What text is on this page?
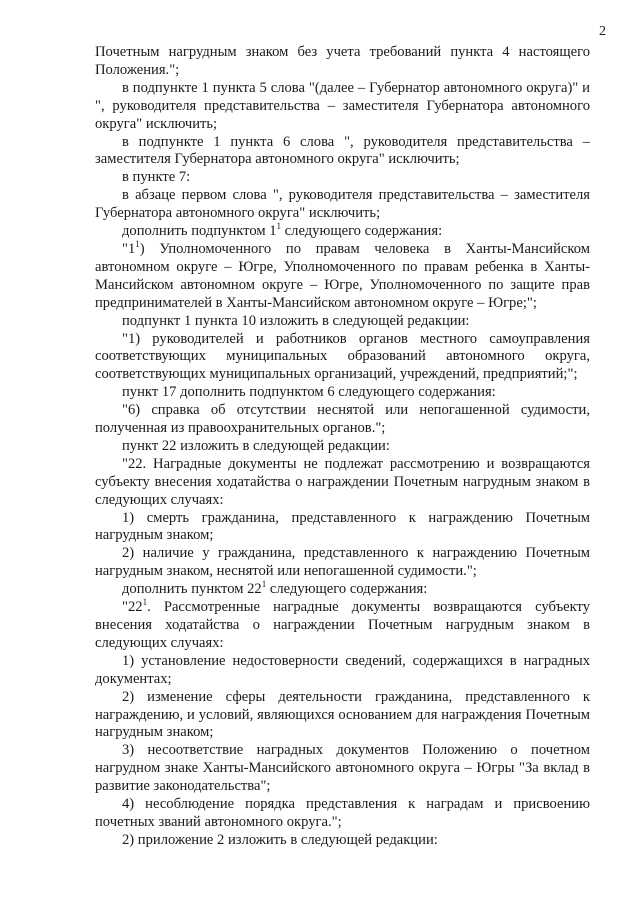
2

Почетным нагрудным знаком без учета требований пункта 4 настоящего Положения.";

в подпункте 1 пункта 5 слова "(далее – Губернатор автономного округа)" и ", руководителя представительства – заместителя Губернатора автономного округа" исключить;

в подпункте 1 пункта 6 слова ", руководителя представительства – заместителя Губернатора автономного округа" исключить;

в пункте 7:

в абзаце первом слова ", руководителя представительства – заместителя Губернатора автономного округа" исключить;

дополнить подпунктом $1^1$ следующего содержания:

"$1^1$) Уполномоченного по правам человека в Ханты-Мансийском автономном округе – Югре, Уполномоченного по правам ребенка в Ханты-Мансийском автономном округе – Югре, Уполномоченного по защите прав предпринимателей в Ханты-Мансийском автономном округе – Югре;";

подпункт 1 пункта 10 изложить в следующей редакции:

"1) руководителей и работников органов местного самоуправления соответствующих муниципальных образований автономного округа, соответствующих муниципальных организаций, учреждений, предприятий;";

пункт 17 дополнить подпунктом 6 следующего содержания:

"6) справка об отсутствии неснятой или непогашенной судимости, полученная из правоохранительных органов.";

пункт 22 изложить в следующей редакции:

"22. Наградные документы не подлежат рассмотрению и возвращаются субъекту внесения ходатайства о награждении Почетным нагрудным знаком в следующих случаях:

1) смерть гражданина, представленного к награждению Почетным нагрудным знаком;

2) наличие у гражданина, представленного к награждению Почетным нагрудным знаком, неснятой или непогашенной судимости.";

дополнить пунктом $22^1$ следующего содержания:

"$22^1$. Рассмотренные наградные документы возвращаются субъекту внесения ходатайства о награждении Почетным нагрудным знаком в следующих случаях:

1) установление недостоверности сведений, содержащихся в наградных документах;

2) изменение сферы деятельности гражданина, представленного к награждению, и условий, являющихся основанием для награждения Почетным нагрудным знаком;

3) несоответствие наградных документов Положению о почетном нагрудном знаке Ханты-Мансийского автономного округа – Югры "За вклад в развитие законодательства";

4) несоблюдение порядка представления к наградам и присвоению почетных званий автономного округа.";

2) приложение 2 изложить в следующей редакции:
